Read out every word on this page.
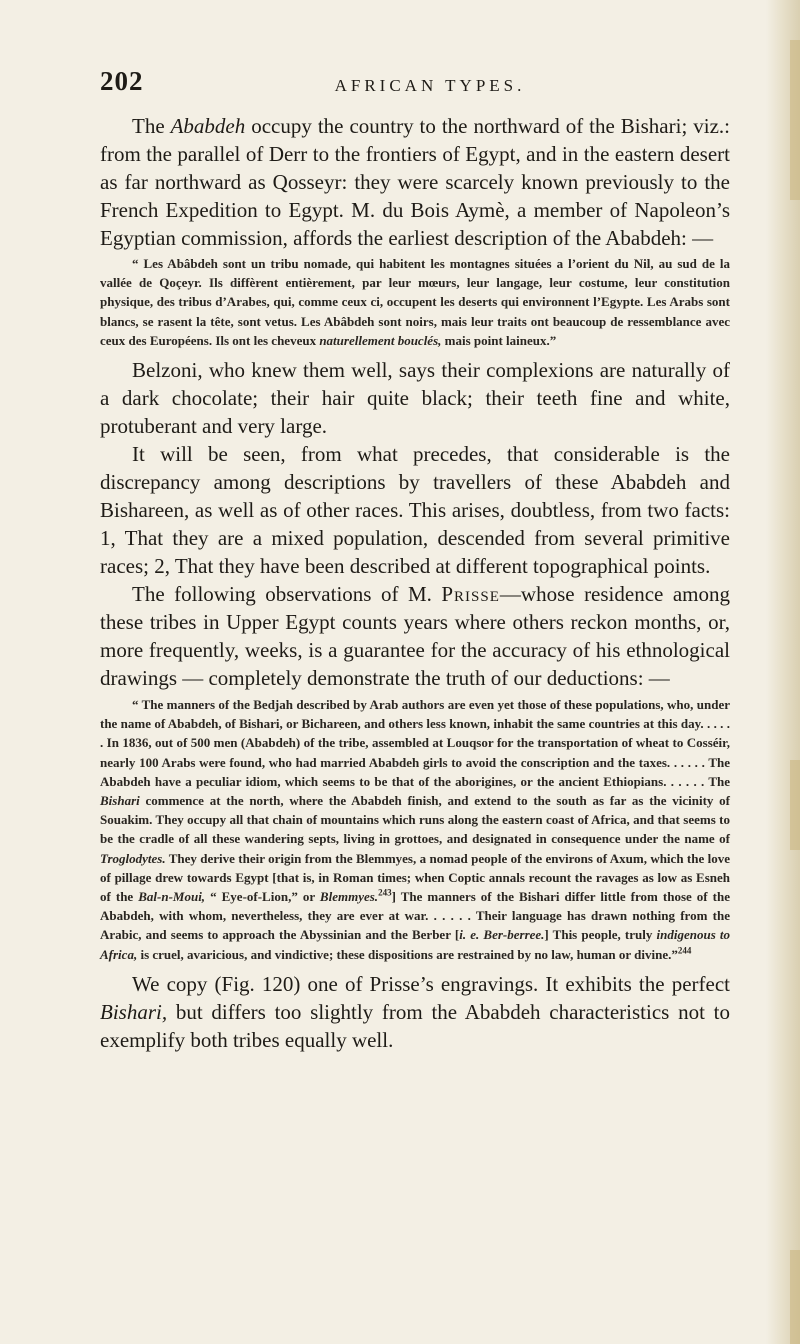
202	AFRICAN TYPES.

The Ababdeh occupy the country to the northward of the Bishari; viz.: from the parallel of Derr to the frontiers of Egypt, and in the eastern desert as far northward as Qosseyr: they were scarcely known previously to the French Expedition to Egypt. M. du Bois Aymè, a member of Napoleon’s Egyptian commission, affords the earliest description of the Ababdeh: —

“ Les Abâbdeh sont un tribu nomade, qui habitent les montagnes situées a l’orient du Nil, au sud de la vallée de Qoçeyr. Ils diffèrent entièrement, par leur mœurs, leur langage, leur costume, leur constitution physique, des tribus d’Arabes, qui, comme ceux ci, occupent les deserts qui environnent l’Egypte. Les Arabs sont blancs, se rasent la tête, sont vetus. Les Abâbdeh sont noirs, mais leur traits ont beaucoup de ressemblance avec ceux des Européens. Ils ont les cheveux naturellement bouclés, mais point laineux.”

Belzoni, who knew them well, says their complexions are naturally of a dark chocolate; their hair quite black; their teeth fine and white, protuberant and very large.

It will be seen, from what precedes, that considerable is the discrepancy among descriptions by travellers of these Ababdeh and Bishareen, as well as of other races. This arises, doubtless, from two facts: 1, That they are a mixed population, descended from several primitive races; 2, That they have been described at different topographical points.

The following observations of M. Prisse—whose residence among these tribes in Upper Egypt counts years where others reckon months, or, more frequently, weeks, is a guarantee for the accuracy of his ethnological drawings — completely demonstrate the truth of our deductions: —

“ The manners of the Bedjah described by Arab authors are even yet those of these populations, who, under the name of Ababdeh, of Bishari, or Bichareen, and others less known, inhabit the same countries at this day. . . . . . In 1836, out of 500 men (Ababdeh) of the tribe, assembled at Louqsor for the transportation of wheat to Cosséir, nearly 100 Arabs were found, who had married Ababdeh girls to avoid the conscription and the taxes. . . . . . The Ababdeh have a peculiar idiom, which seems to be that of the aborigines, or the ancient Ethiopians. . . . . . The Bishari commence at the north, where the Ababdeh finish, and extend to the south as far as the vicinity of Souakim. They occupy all that chain of mountains which runs along the eastern coast of Africa, and that seems to be the cradle of all these wandering septs, living in grottoes, and designated in consequence under the name of Troglodytes. They derive their origin from the Blemmyes, a nomad people of the environs of Axum, which the love of pillage drew towards Egypt [that is, in Roman times; when Coptic annals recount the ravages as low as Esneh of the Bal-n-Moui, “ Eye-of-Lion,” or Blemmyes.$^{243}$] The manners of the Bishari differ little from those of the Ababdeh, with whom, nevertheless, they are ever at war. . . . . . Their language has drawn nothing from the Arabic, and seems to approach the Abyssinian and the Berber [i. e. Ber-berree.] This people, truly indigenous to Africa, is cruel, avaricious, and vindictive; these dispositions are restrained by no law, human or divine.”$^{244}$

We copy (Fig. 120) one of Prisse’s engravings. It exhibits the perfect Bishari, but differs too slightly from the Ababdeh characteristics not to exemplify both tribes equally well.
